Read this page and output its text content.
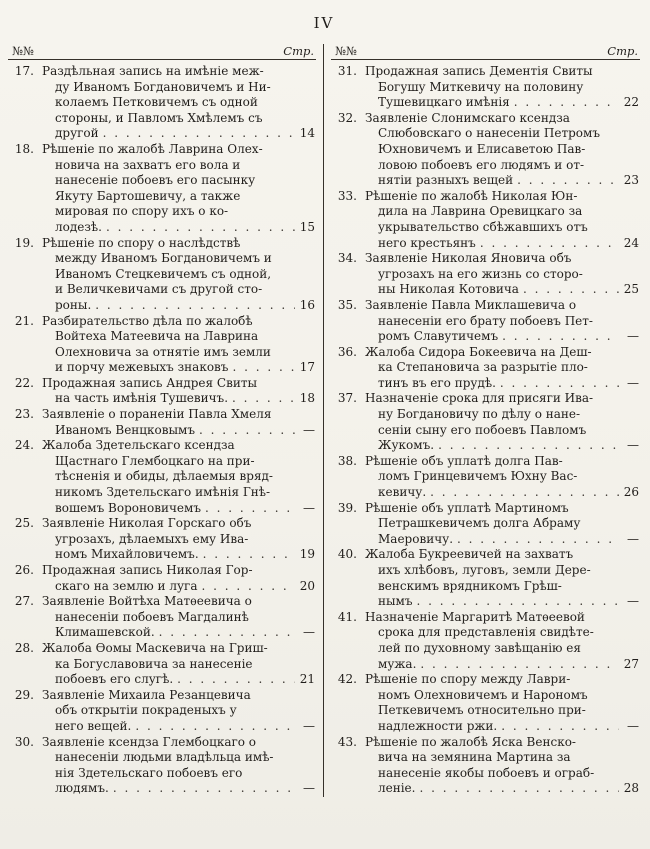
IV
№№	Стр.
17. Раздѣльная запись на имѣніе меж-
ду Иваномъ Богдановичемъ и Ни-
колаемъ Петковичемъ съ одной
стороны, и Павломъ Хмѣлемъ съ
другой . . .	14
18. Рѣшеніе по жалобѣ Лаврина Олех-
новича на захватъ его вола и
нанесеніе побоевъ его пасынку
Якуту Бартошевичу, а также
мировая по спору ихъ о ко-
лодезѣ. . . .	15
19. Рѣшеніе по спору о наслѣдствѣ
между Иваномъ Богдановичемъ и
Иваномъ Стецкевичемъ съ одной,
и Величкевичами съ другой сто-
роны. . . .	16
21. Разбирательство дѣла по жалобѣ
Войтеха Матеевича на Лаврина
Олехновича за отнятіе имъ земли
и порчу межевыхъ знаковъ . . .	17
22. Продажная запись Андрея Свиты
на часть имѣнія Тушевичъ. . . .	18
23. Заявленіе о пораненіи Павла Хмеля
Иваномъ Венцковымъ . . .	—
24. Жалоба Здетельскаго ксендза
Щастнаго Глембоцкаго на при-
тѣсненія и обиды, дѣлаемыя вряд-
никомъ Здетельскаго имѣнія Гнѣ-
вошемъ Вороновичемъ . . .	—
25. Заявленіе Николая Горскаго объ
угрозахъ, дѣлаемыхъ ему Ива-
номъ Михайловичемъ. . . .	19
26. Продажная запись Николая Гор-
скаго на землю и луга . . .	20
27. Заявленіе Войтѣха Матѳеевича о
нанесеніи побоевъ Магдалинѣ
Климашевской. . . .	—
28. Жалоба Ѳомы Маскевича на Гриш-
ка Богуславовича за нанесеніе
побоевъ его слугѣ. . . .	21
29. Заявленіе Михаила Резанцевича
объ открытіи покраденыхъ у
него вещей. . . .	—
30. Заявленіе ксендза Глембоцкаго о
нанесеніи людьми владѣльца имѣ-
нія Здетельскаго побоевъ его
людямъ. . . .	—
№№	Стр.
31. Продажная запись Дементія Свиты
Богушу Миткевичу на половину
Тушевицкаго имѣнія . . .	22
32. Заявленіе Слонимскаго ксендза
Слюбовскаго о нанесеніи Петромъ
Юхновичемъ и Елисаветою Пав-
ловою побоевъ его людямъ и от-
нятіи разныхъ вещей . . .	23
33. Рѣшеніе по жалобѣ Николая Юн-
дила на Лаврина Оревицкаго за
укрывательство сбѣжавшихъ отъ
него крестьянъ . . .	24
34. Заявленіе Николая Яновича объ
угрозахъ на его жизнь со сторо-
ны Николая Котовича . . .	25
35. Заявленіе Павла Миклашевича о
нанесеніи его брату побоевъ Пет-
ромъ Славутичемъ . . .	—
36. Жалоба Сидора Бокеевича на Деш-
ка Степановича за разрытіе пло-
тинъ въ его прудѣ. . . .	—
37. Назначеніе срока для присяги Ива-
ну Богдановичу по дѣлу о нане-
сеніи сыну его побоевъ Павломъ
Жукомъ. . . .	—
38. Рѣшеніе объ уплатѣ долга Пав-
ломъ Гринцевичемъ Юхну Вас-
кевичу. . . .	26
39. Рѣшеніе объ уплатѣ Мартиномъ
Петрашкевичемъ долга Абраму
Маеровичу. . . .	—
40. Жалоба Букреевичей на захватъ
ихъ хлѣбовъ, луговъ, земли Дере-
венскимъ врядникомъ Грѣш-
нымъ . . .	—
41. Назначеніе Маргаритѣ Матѳеевой
срока для представленія свидѣте-
лей по духовному завѣщанію ея
мужа. . . .	27
42. Рѣшеніе по спору между Лаври-
номъ Олехновичемъ и Нарономъ
Петкевичемъ относительно при-
надлежности ржи. . . .	—
43. Рѣшеніе по жалобѣ Яска Венско-
вича на земянина Мартина за
нанесеніе якобы побоевъ и ограб-
леніе. . . .	28
